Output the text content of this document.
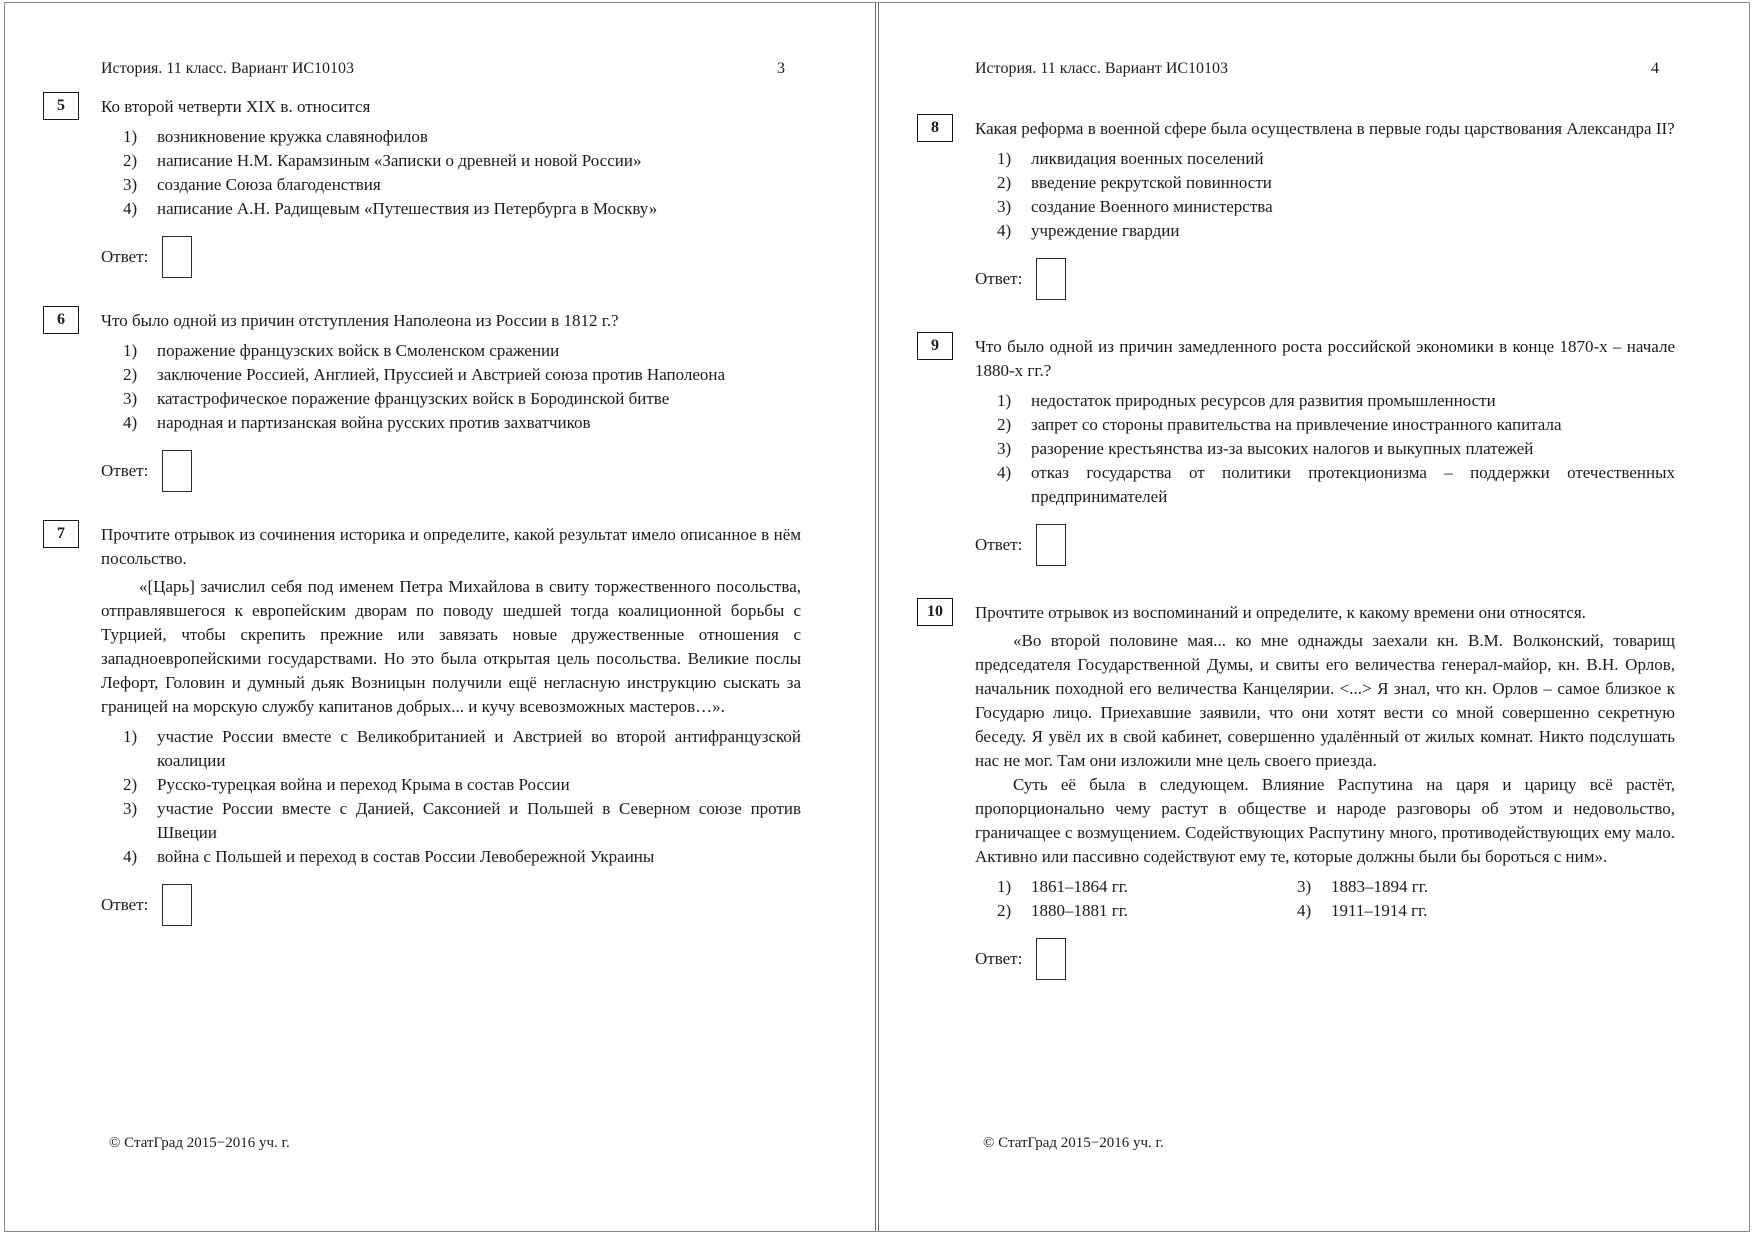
История. 11 класс. Вариант ИС10103	3
5	Ко второй четверти XIX в. относится
1)	возникновение кружка славянофилов
2)	написание Н.М. Карамзиным «Записки о древней и новой России»
3)	создание Союза благоденствия
4)	написание А.Н. Радищевым «Путешествия из Петербурга в Москву»
Ответ:
6	Что было одной из причин отступления Наполеона из России в 1812 г.?
1)	поражение французских войск в Смоленском сражении
2)	заключение Россией, Англией, Пруссией и Австрией союза против Наполеона
3)	катастрофическое поражение французских войск в Бородинской битве
4)	народная и партизанская война русских против захватчиков
Ответ:
7	Прочтите отрывок из сочинения историка и определите, какой результат имело описанное в нём посольство.

«[Царь] зачислил себя под именем Петра Михайлова в свиту торжественного посольства, отправлявшегося к европейским дворам по поводу шедшей тогда коалиционной борьбы с Турцией, чтобы скрепить прежние или завязать новые дружественные отношения с западноевропейскими государствами. Но это была открытая цель посольства. Великие послы Лефорт, Головин и думный дьяк Возницын получили ещё негласную инструкцию сыскать за границей на морскую службу капитанов добрых... и кучу всевозможных мастеров…».

1)	участие России вместе с Великобританией и Австрией во второй антифранцузской коалиции
2)	Русско-турецкая война и переход Крыма в состав России
3)	участие России вместе с Данией, Саксонией и Польшей в Северном союзе против Швеции
4)	война с Польшей и переход в состав России Левобережной Украины
Ответ:
© СтатГрад 2015−2016 уч. г.
История. 11 класс. Вариант ИС10103	4
8	Какая реформа в военной сфере была осуществлена в первые годы царствования Александра II?
1)	ликвидация военных поселений
2)	введение рекрутской повинности
3)	создание Военного министерства
4)	учреждение гвардии
Ответ:
9	Что было одной из причин замедленного роста российской экономики в конце 1870-х – начале 1880-х гг.?
1)	недостаток природных ресурсов для развития промышленности
2)	запрет со стороны правительства на привлечение иностранного капитала
3)	разорение крестьянства из-за высоких налогов и выкупных платежей
4)	отказ государства от политики протекционизма – поддержки отечественных предпринимателей
Ответ:
10	Прочтите отрывок из воспоминаний и определите, к какому времени они относятся.

«Во второй половине мая... ко мне однажды заехали кн. В.М. Волконский, товарищ председателя Государственной Думы, и свиты его величества генерал-майор, кн. В.Н. Орлов, начальник походной его величества Канцелярии. <...> Я знал, что кн. Орлов – самое близкое к Государю лицо. Приехавшие заявили, что они хотят вести со мной совершенно секретную беседу. Я увёл их в свой кабинет, совершенно удалённый от жилых комнат. Никто подслушать нас не мог. Там они изложили мне цель своего приезда.

Суть её была в следующем. Влияние Распутина на царя и царицу всё растёт, пропорционально чему растут в обществе и народе разговоры об этом и недовольство, граничащее с возмущением. Содействующих Распутину много, противодействующих ему мало. Активно или пассивно содействуют ему те, которые должны были бы бороться с ним».

1)	1861–1864 гг.	3)	1883–1894 гг.
2)	1880–1881 гг.	4)	1911–1914 гг.
Ответ:
© СтатГрад 2015−2016 уч. г.
